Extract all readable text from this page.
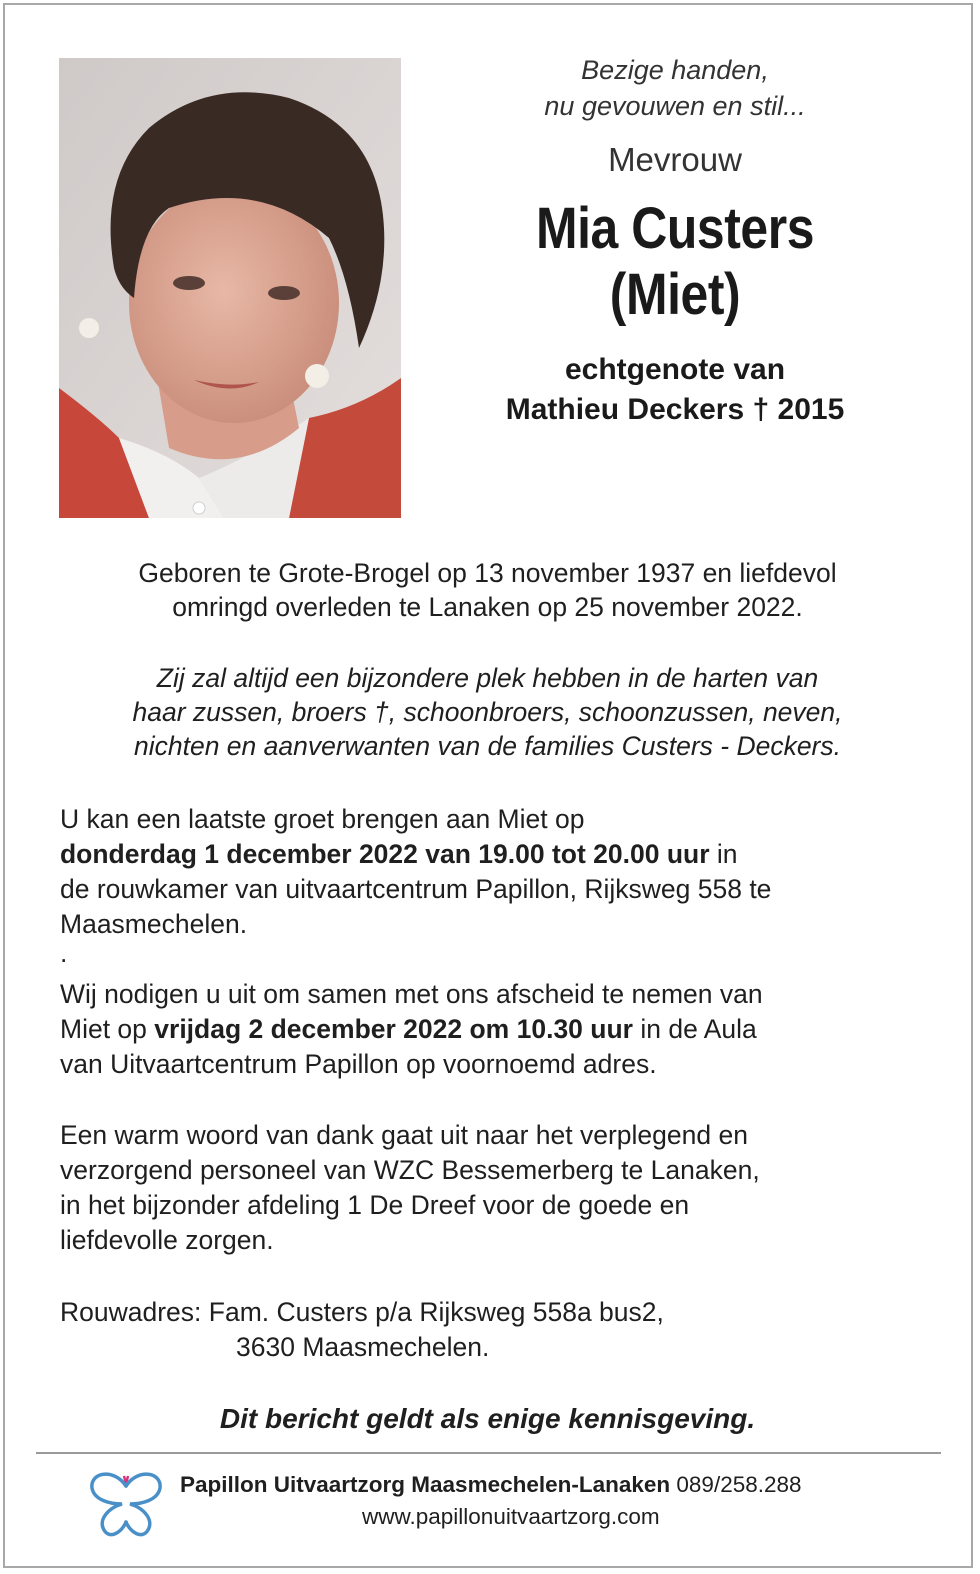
Bezige handen,
nu gevouwen en stil...
Mevrouw
Mia Custers
(Miet)
echtgenote van
Mathieu Deckers † 2015
Geboren te Grote-Brogel op 13 november 1937 en liefdevol
omringd overleden te Lanaken op 25 november 2022.
Zij zal altijd een bijzondere plek hebben in de harten van
haar zussen, broers †, schoonbroers, schoonzussen, neven,
nichten en aanverwanten van de families Custers - Deckers.
U kan een laatste groet brengen aan Miet op
donderdag 1 december 2022 van 19.00 tot 20.00 uur in
de rouwkamer van uitvaartcentrum Papillon, Rijksweg 558 te
Maasmechelen.
.
Wij nodigen u uit om samen met ons afscheid te nemen van
Miet op vrijdag 2 december 2022 om 10.30 uur in de Aula
van Uitvaartcentrum Papillon op voornoemd adres.
Een warm woord van dank gaat uit naar het verplegend en
verzorgend personeel van WZC Bessemerberg te Lanaken,
in het bijzonder afdeling 1 De Dreef voor de goede en
liefdevolle zorgen.
Rouwadres: Fam. Custers p/a Rijksweg 558a bus2,
3630 Maasmechelen.
Dit bericht geldt als enige kennisgeving.
Papillon Uitvaartzorg Maasmechelen-Lanaken 089/258.288
www.papillonuitvaartzorg.com
